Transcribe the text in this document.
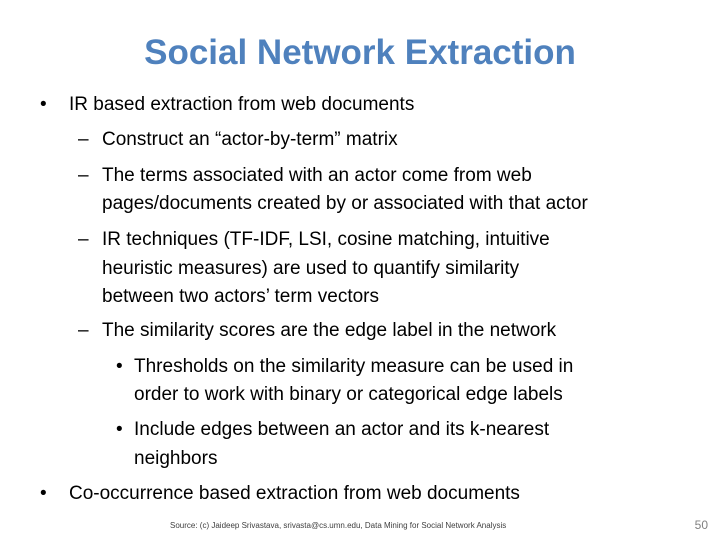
Social Network Extraction
• IR based extraction from web documents
– Construct an “actor-by-term” matrix
– The terms associated with an actor come from web
pages/documents created by or associated with that actor
– IR techniques (TF-IDF, LSI, cosine matching, intuitive
heuristic measures) are used to quantify similarity
between two actors’ term vectors
– The similarity scores are the edge label in the network
• Thresholds on the similarity measure can be used in
order to work with binary or categorical edge labels
• Include edges between an actor and its k-nearest
neighbors
• Co-occurrence based extraction from web documents
Source: (c) Jaideep Srivastava, srivasta@cs.umn.edu, Data Mining for Social Network Analysis	50
